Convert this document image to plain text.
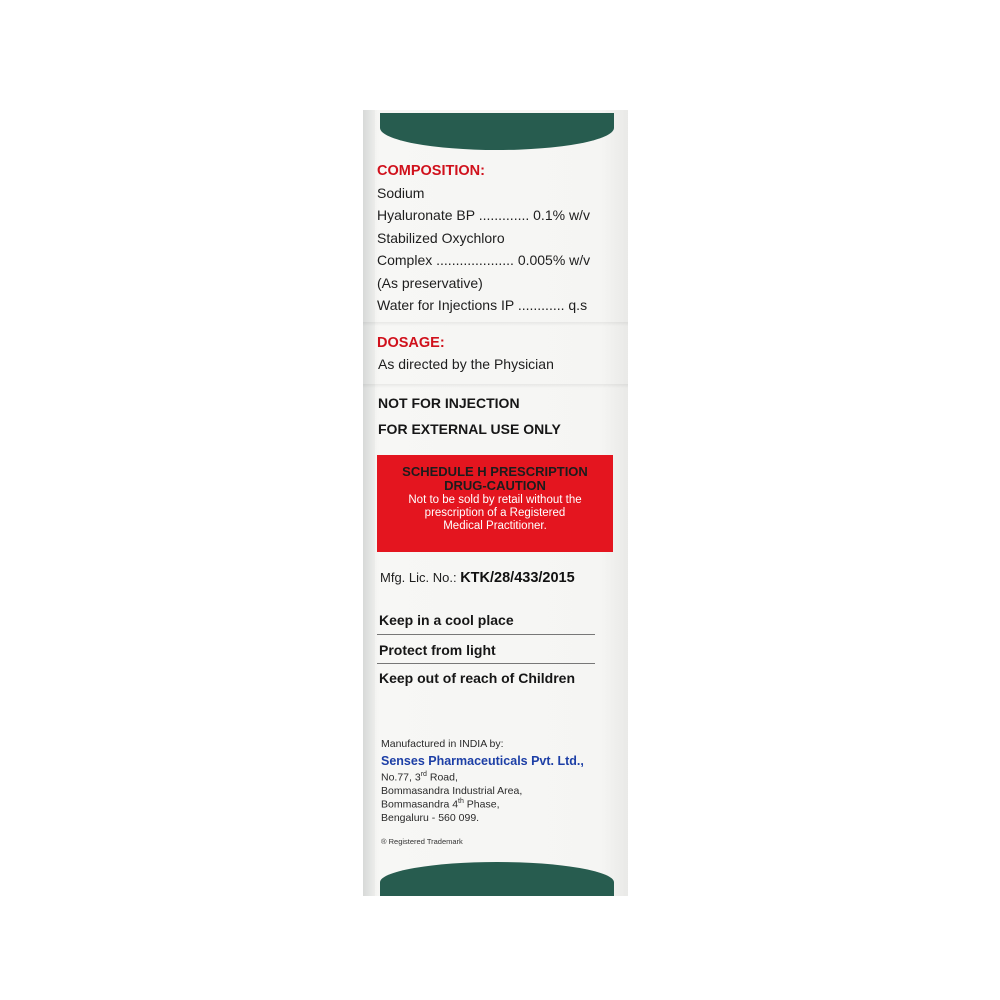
COMPOSITION:
Sodium
Hyaluronate BP ............. 0.1% w/v
Stabilized Oxychloro
Complex .................... 0.005% w/v
(As preservative)
Water for Injections IP ............ q.s
DOSAGE:
As directed by the Physician
NOT FOR INJECTION
FOR EXTERNAL USE ONLY
SCHEDULE H PRESCRIPTION
DRUG-CAUTION
Not to be sold by retail without the
prescription of a Registered
Medical Practitioner.
Mfg. Lic. No.: KTK/28/433/2015
Keep in a cool place
Protect from light
Keep out of reach of Children
Manufactured in INDIA by:
Senses Pharmaceuticals Pvt. Ltd.,
No.77, 3rd Road,
Bommasandra Industrial Area,
Bommasandra 4th Phase,
Bengaluru - 560 099.
® Registered Trademark
